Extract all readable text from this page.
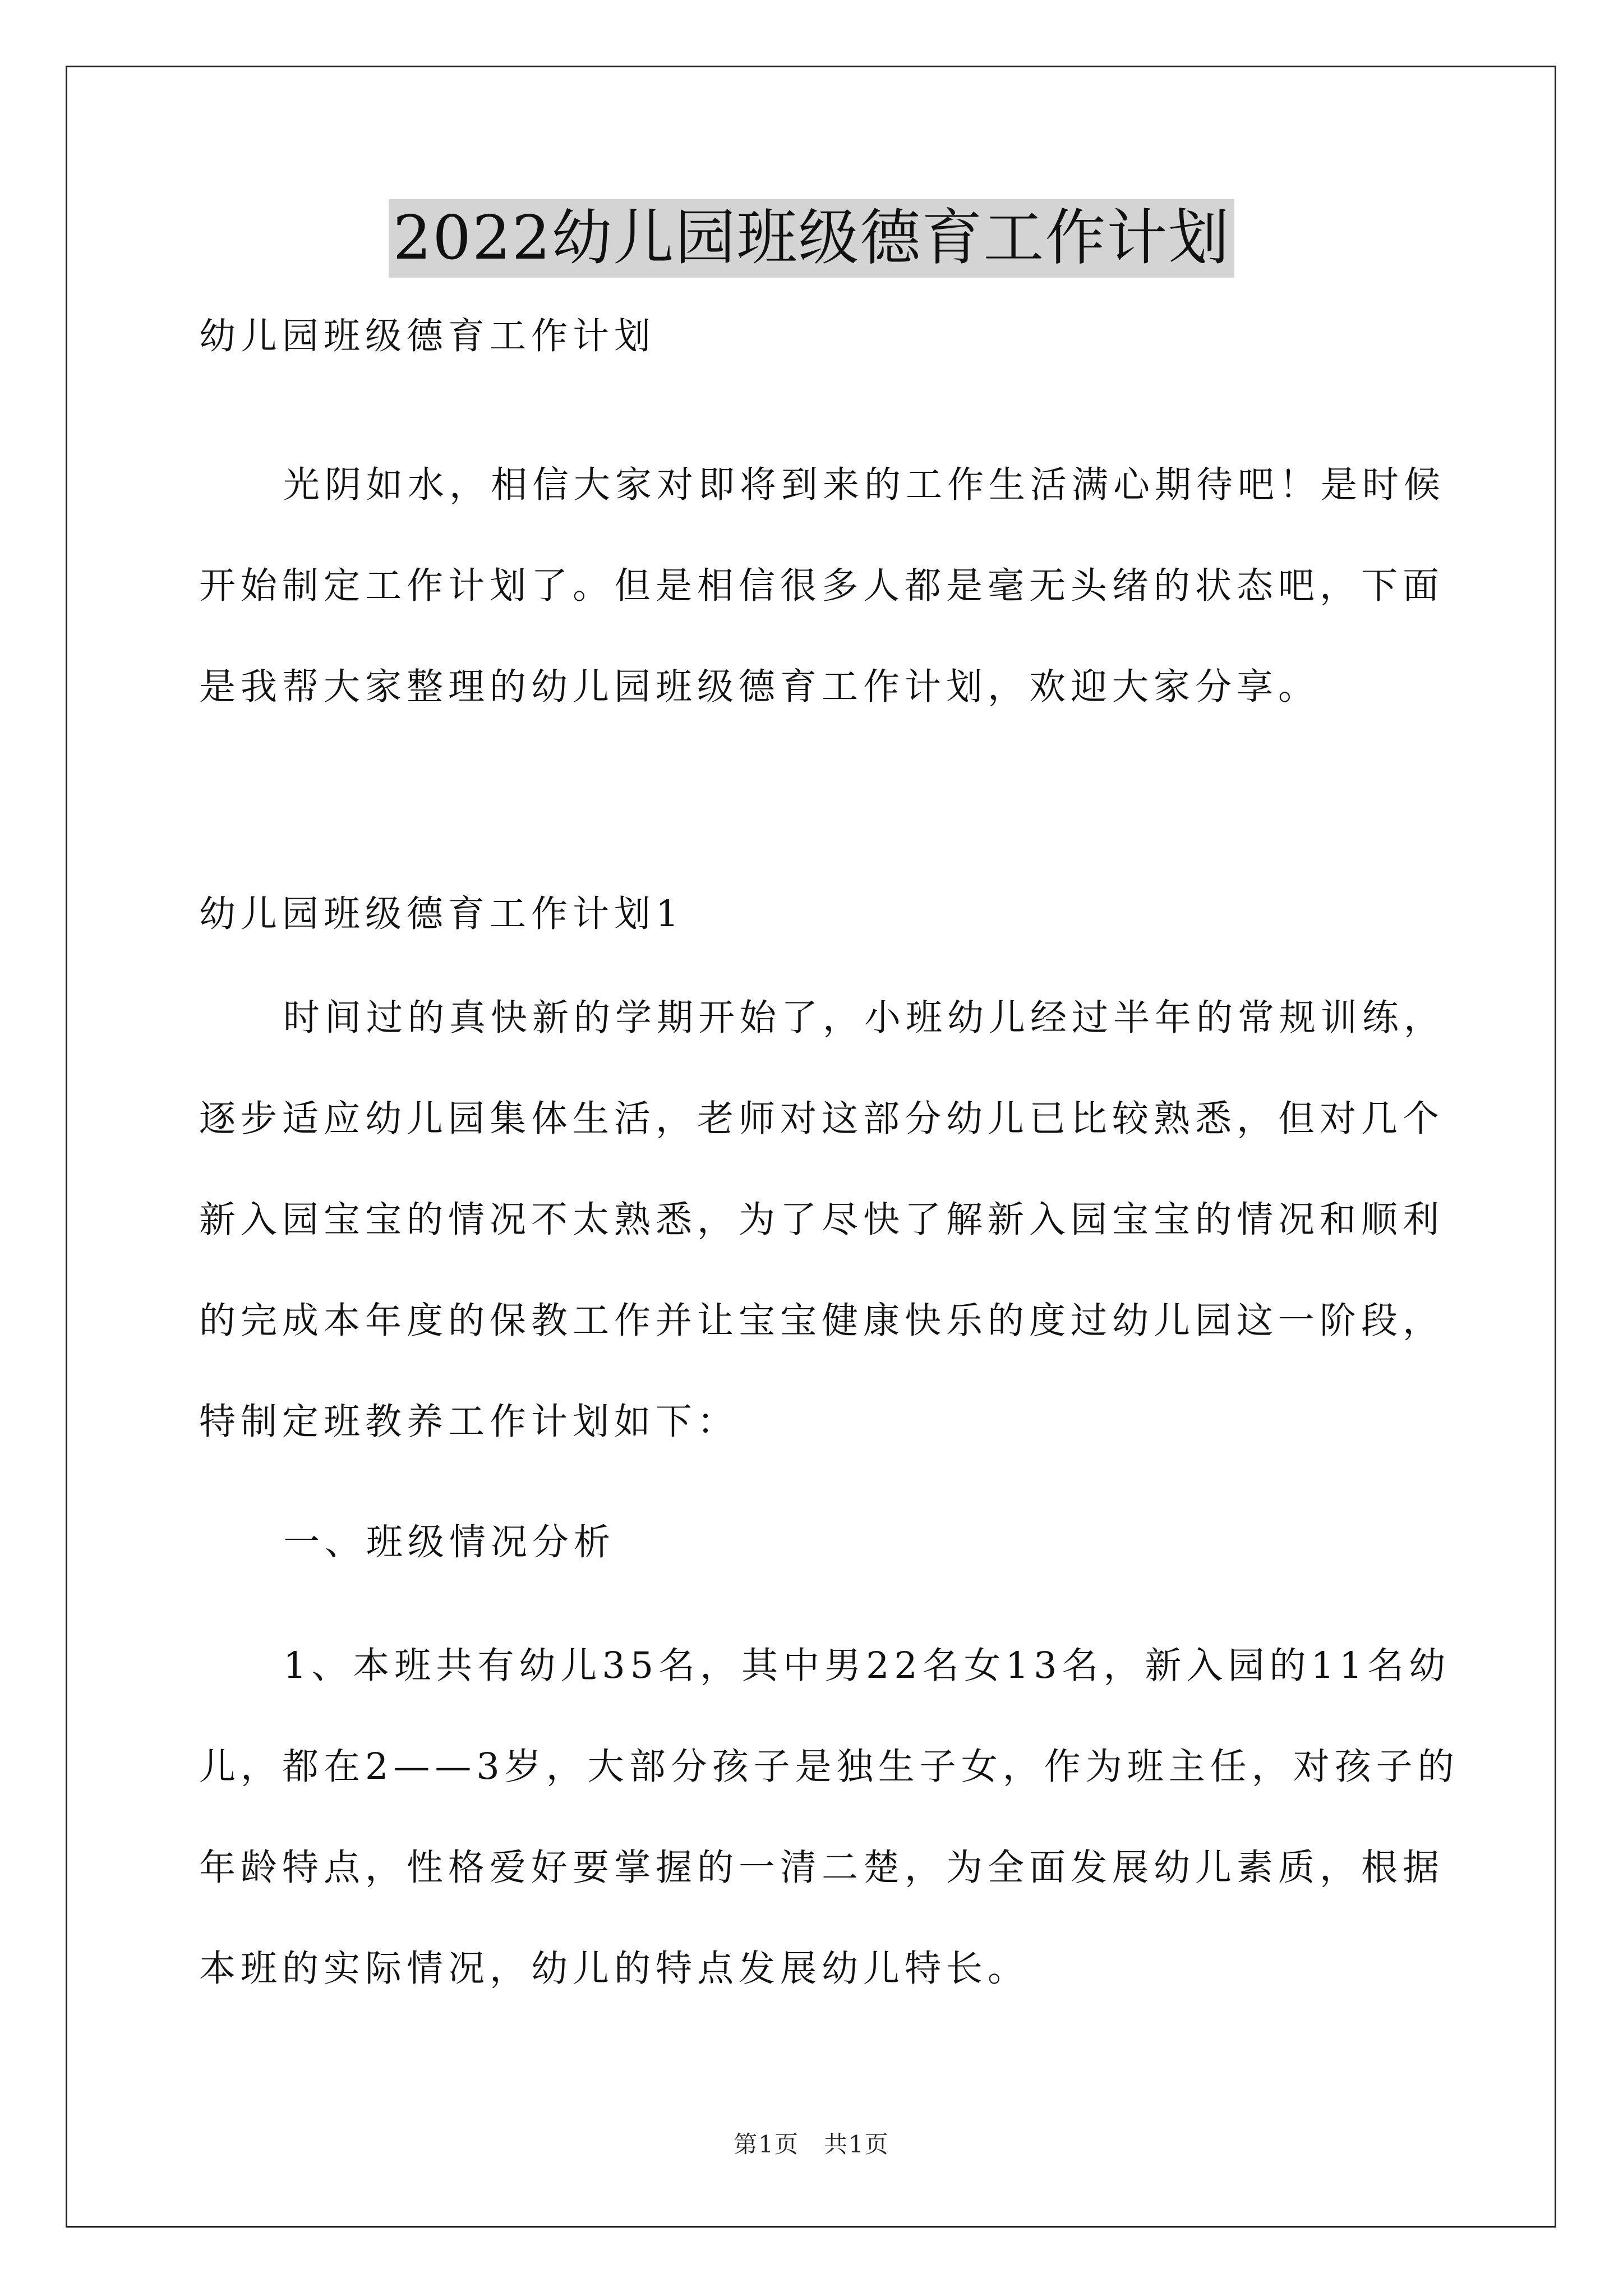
2022幼儿园班级德育工作计划

幼儿园班级德育工作计划

光阴如水，相信大家对即将到来的工作生活满心期待吧！是时候

开始制定工作计划了。但是相信很多人都是毫无头绪的状态吧，下面

是我帮大家整理的幼儿园班级德育工作计划，欢迎大家分享。

幼儿园班级德育工作计划1

时间过的真快新的学期开始了，小班幼儿经过半年的常规训练，

逐步适应幼儿园集体生活，老师对这部分幼儿已比较熟悉，但对几个

新入园宝宝的情况不太熟悉，为了尽快了解新入园宝宝的情况和顺利

的完成本年度的保教工作并让宝宝健康快乐的度过幼儿园这一阶段，

特制定班教养工作计划如下：

一、班级情况分析

1、本班共有幼儿35名，其中男22名女13名，新入园的11名幼

儿，都在2——3岁，大部分孩子是独生子女，作为班主任，对孩子的

年龄特点，性格爱好要掌握的一清二楚，为全面发展幼儿素质，根据

本班的实际情况，幼儿的特点发展幼儿特长。

第1页　共1页
